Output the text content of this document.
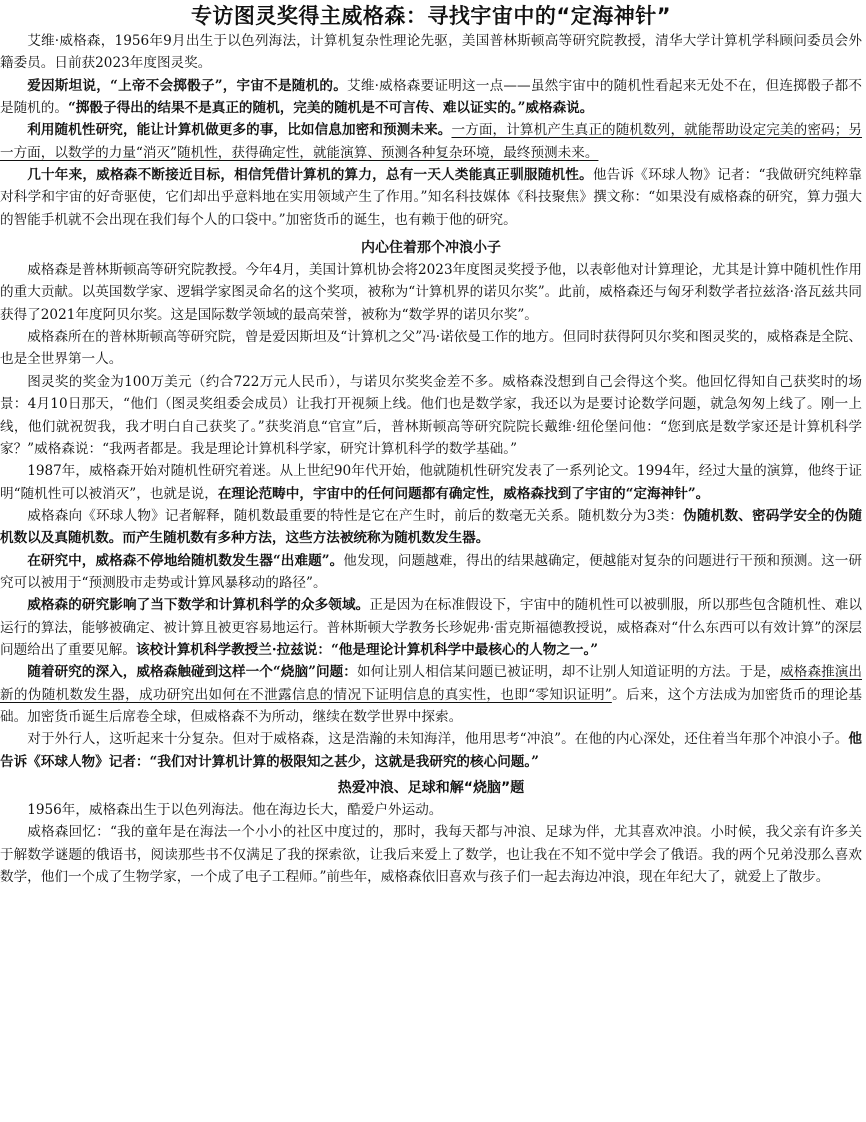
专访图灵奖得主威格森：寻找宇宙中的“定海神针”

艾维·威格森，1956年9月出生于以色列海法，计算机复杂性理论先驱，美国普林斯顿高等研究院教授，清华大学计算机学科顾问委员会外籍委员。日前获2023年度图灵奖。

爱因斯坦说，“上帝不会掷骰子”，宇宙不是随机的。艾维·威格森要证明这一点——虽然宇宙中的随机性看起来无处不在，但连掷骰子都不是随机的。“掷骰子得出的结果不是真正的随机，完美的随机是不可言传、难以证实的。”威格森说。

利用随机性研究，能让计算机做更多的事，比如信息加密和预测未来。一方面，计算机产生真正的随机数列，就能帮助设定完美的密码；另一方面，以数学的力量“消灭”随机性，获得确定性，就能演算、预测各种复杂环境，最终预测未来。

几十年来，威格森不断接近目标，相信凭借计算机的算力，总有一天人类能真正驯服随机性。他告诉《环球人物》记者：“我做研究纯粹靠对科学和宇宙的好奇驱使，它们却出乎意料地在实用领域产生了作用。”知名科技媒体《科技聚焦》撰文称：“如果没有威格森的研究，算力强大的智能手机就不会出现在我们每个人的口袋中。”加密货币的诞生，也有赖于他的研究。

内心住着那个冲浪小子

威格森是普林斯顿高等研究院教授。今年4月，美国计算机协会将2023年度图灵奖授予他，以表彰他对计算理论，尤其是计算中随机性作用的重大贡献。以英国数学家、逻辑学家图灵命名的这个奖项，被称为“计算机界的诺贝尔奖”。此前，威格森还与匈牙利数学者拉兹洛·洛瓦兹共同获得了2021年度阿贝尔奖。这是国际数学领域的最高荣誉，被称为“数学界的诺贝尔奖”。

威格森所在的普林斯顿高等研究院，曾是爱因斯坦及“计算机之父”冯·诺依曼工作的地方。但同时获得阿贝尔奖和图灵奖的，威格森是全院、也是全世界第一人。

图灵奖的奖金为100万美元（约合722万元人民币），与诺贝尔奖奖金差不多。威格森没想到自己会得这个奖。他回忆得知自己获奖时的场景：4月10日那天，“他们（图灵奖组委会成员）让我打开视频上线。他们也是数学家，我还以为是要讨论数学问题，就急匆匆上线了。刚一上线，他们就祝贺我，我才明白自己获奖了。”获奖消息“官宣”后，普林斯顿高等研究院院长戴维·纽伦堡问他：“您到底是数学家还是计算机科学家？”威格森说：“我两者都是。我是理论计算机科学家，研究计算机科学的数学基础。”

1987年，威格森开始对随机性研究着迷。从上世纪90年代开始，他就随机性研究发表了一系列论文。1994年，经过大量的演算，他终于证明“随机性可以被消灭”，也就是说，在理论范畴中，宇宙中的任何问题都有确定性，威格森找到了宇宙的“定海神针”。

威格森向《环球人物》记者解释，随机数最重要的特性是它在产生时，前后的数毫无关系。随机数分为3类：伪随机数、密码学安全的伪随机数以及真随机数。而产生随机数有多种方法，这些方法被统称为随机数发生器。

在研究中，威格森不停地给随机数发生器“出难题”。他发现，问题越难，得出的结果越确定，便越能对复杂的问题进行干预和预测。这一研究可以被用于“预测股市走势或计算风暴移动的路径”。

威格森的研究影响了当下数学和计算机科学的众多领域。正是因为在标准假设下，宇宙中的随机性可以被驯服，所以那些包含随机性、难以运行的算法，能够被确定、被计算且被更容易地运行。普林斯顿大学教务长珍妮弗·雷克斯福德教授说，威格森对“什么东西可以有效计算”的深层问题给出了重要见解。该校计算机科学教授兰·拉兹说：“他是理论计算机科学中最核心的人物之一。”

随着研究的深入，威格森触碰到这样一个“烧脑”问题：如何让别人相信某问题已被证明，却不让别人知道证明的方法。于是，威格森推演出新的伪随机数发生器，成功研究出如何在不泄露信息的情况下证明信息的真实性，也即“零知识证明”。后来，这个方法成为加密货币的理论基础。加密货币诞生后席卷全球，但威格森不为所动，继续在数学世界中探索。

对于外行人，这听起来十分复杂。但对于威格森，这是浩瀚的未知海洋，他用思考“冲浪”。在他的内心深处，还住着当年那个冲浪小子。他告诉《环球人物》记者：“我们对计算机计算的极限知之甚少，这就是我研究的核心问题。”

热爱冲浪、足球和解“烧脑”题

1956年，威格森出生于以色列海法。他在海边长大，酷爱户外运动。

威格森回忆：“我的童年是在海法一个小小的社区中度过的，那时，我每天都与冲浪、足球为伴，尤其喜欢冲浪。小时候，我父亲有许多关于解数学谜题的俄语书，阅读那些书不仅满足了我的探索欲，让我后来爱上了数学，也让我在不知不觉中学会了俄语。我的两个兄弟没那么喜欢数学，他们一个成了生物学家，一个成了电子工程师。”前些年，威格森依旧喜欢与孩子们一起去海边冲浪，现在年纪大了，就爱上了散步。
